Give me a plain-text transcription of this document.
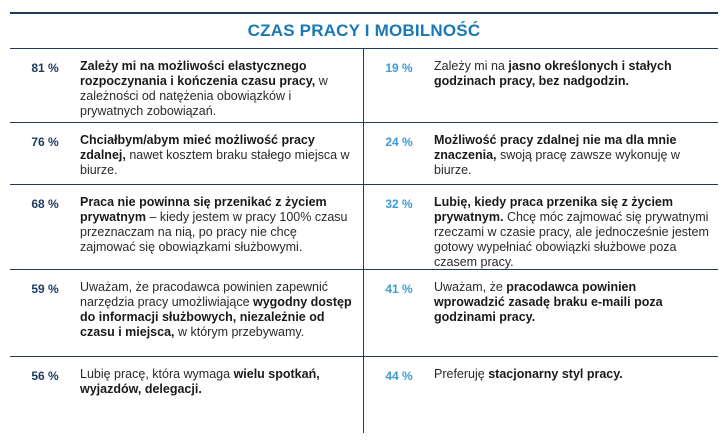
CZAS PRACY I MOBILNOŚĆ
81 %	Zależy mi na możliwości elastycznego rozpoczynania i kończenia czasu pracy, w zależności od natężenia obowiązków i prywatnych zobowiązań.
19 %	Zależy mi na jasno określonych i stałych godzinach pracy, bez nadgodzin.
76 %	Chciałbym/abym mieć możliwość pracy zdalnej, nawet kosztem braku stałego miejsca w biurze.
24 %	Możliwość pracy zdalnej nie ma dla mnie znaczenia, swoją pracę zawsze wykonuję w biurze.
68 %	Praca nie powinna się przenikać z życiem prywatnym – kiedy jestem w pracy 100% czasu przeznaczam na nią, po pracy nie chcę zajmować się obowiązkami służbowymi.
32 %	Lubię, kiedy praca przenika się z życiem prywatnym. Chcę móc zajmować się prywatnymi rzeczami w czasie pracy, ale jednocześnie jestem gotowy wypełniać obowiązki służbowe poza czasem pracy.
59 %	Uważam, że pracodawca powinien zapewnić narzędzia pracy umożliwiające wygodny dostęp do informacji służbowych, niezależnie od czasu i miejsca, w którym przebywamy.
41 %	Uważam, że pracodawca powinien wprowadzić zasadę braku e-maili poza godzinami pracy.
56 %	Lubię pracę, która wymaga wielu spotkań, wyjazdów, delegacji.
44 %	Preferuję stacjonarny styl pracy.
